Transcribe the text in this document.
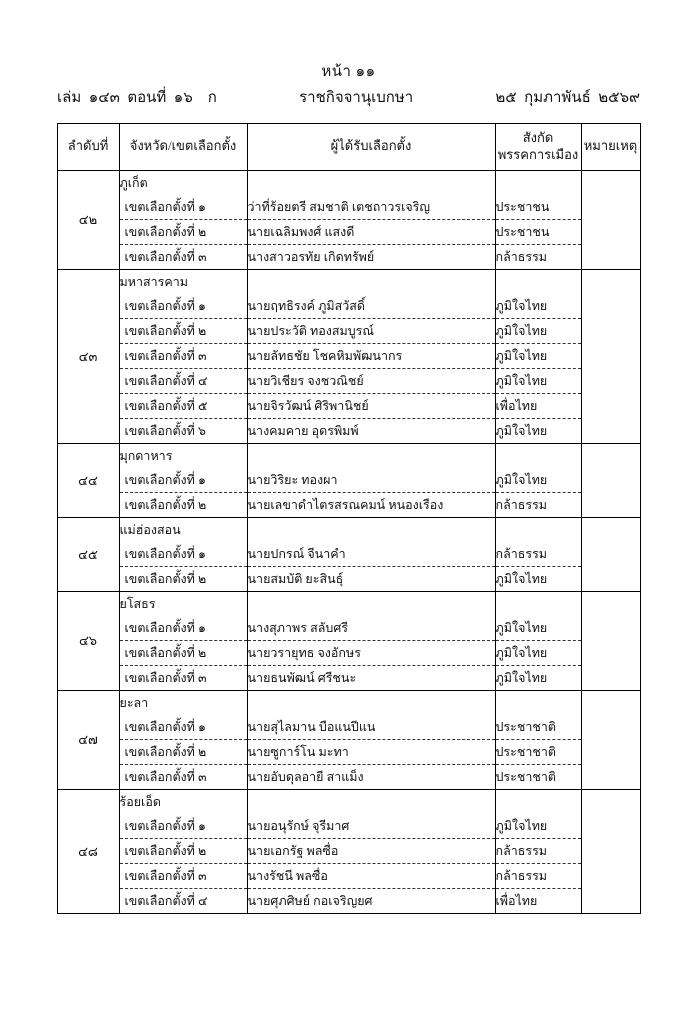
หน้า ๑๑
เล่ม  ๑๔๓  ตอนที่  ๑๖    ก	ราชกิจจานุเบกษา	๒๕  กุมภาพันธ์  ๒๕๖๙
ลำดับที่	จังหวัด/เขตเลือกตั้ง	ผู้ได้รับเลือกตั้ง	สังกัด
พรรคการเมือง	หมายเหตุ
๔๒	ภูเก็ต			
	เขตเลือกตั้งที่ ๑	ว่าที่ร้อยตรี สมชาติ เตชถาวรเจริญ	ประชาชน	
	เขตเลือกตั้งที่ ๒	นายเฉลิมพงศ์ แสงดี	ประชาชน	
	เขตเลือกตั้งที่ ๓	นางสาวอรทัย เกิดทรัพย์	กล้าธรรม	
๔๓	มหาสารคาม			
	เขตเลือกตั้งที่ ๑	นายฤทธิรงค์ ภูมิสวัสดิ์	ภูมิใจไทย	
	เขตเลือกตั้งที่ ๒	นายประวัติ ทองสมบูรณ์	ภูมิใจไทย	
	เขตเลือกตั้งที่ ๓	นายลัทธชัย โชคหิมพัฒนากร	ภูมิใจไทย	
	เขตเลือกตั้งที่ ๔	นายวิเชียร จงชวณิชย์	ภูมิใจไทย	
	เขตเลือกตั้งที่ ๕	นายจิรวัฒน์ ศิริพานิชย์	เพื่อไทย	
	เขตเลือกตั้งที่ ๖	นางคมคาย อุดรพิมพ์	ภูมิใจไทย	
๔๔	มุกดาหาร			
	เขตเลือกตั้งที่ ๑	นายวิริยะ ทองผา	ภูมิใจไทย	
	เขตเลือกตั้งที่ ๒	นายเลขาดำไตรสรณคมน์ หนองเรือง	กล้าธรรม	
๔๕	แม่ฮ่องสอน			
	เขตเลือกตั้งที่ ๑	นายปกรณ์ จีนาคำ	กล้าธรรม	
	เขตเลือกตั้งที่ ๒	นายสมบัติ ยะสินธุ์	ภูมิใจไทย	
๔๖	ยโสธร			
	เขตเลือกตั้งที่ ๑	นางสุภาพร สลับศรี	ภูมิใจไทย	
	เขตเลือกตั้งที่ ๒	นายวรายุทธ จงอักษร	ภูมิใจไทย	
	เขตเลือกตั้งที่ ๓	นายธนพัฒน์ ศรีชนะ	ภูมิใจไทย	
๔๗	ยะลา			
	เขตเลือกตั้งที่ ๑	นายสุไลมาน บือแนปีแน	ประชาชาติ	
	เขตเลือกตั้งที่ ๒	นายซูการ์โน มะทา	ประชาชาติ	
	เขตเลือกตั้งที่ ๓	นายอับดุลอายี สาแม็ง	ประชาชาติ	
๔๘	ร้อยเอ็ด			
	เขตเลือกตั้งที่ ๑	นายอนุรักษ์ จุรีมาศ	ภูมิใจไทย	
	เขตเลือกตั้งที่ ๒	นายเอกรัฐ พลซื่อ	กล้าธรรม	
	เขตเลือกตั้งที่ ๓	นางรัชนี พลซื่อ	กล้าธรรม	
	เขตเลือกตั้งที่ ๔	นายศุภศิษย์ กอเจริญยศ	เพื่อไทย	
